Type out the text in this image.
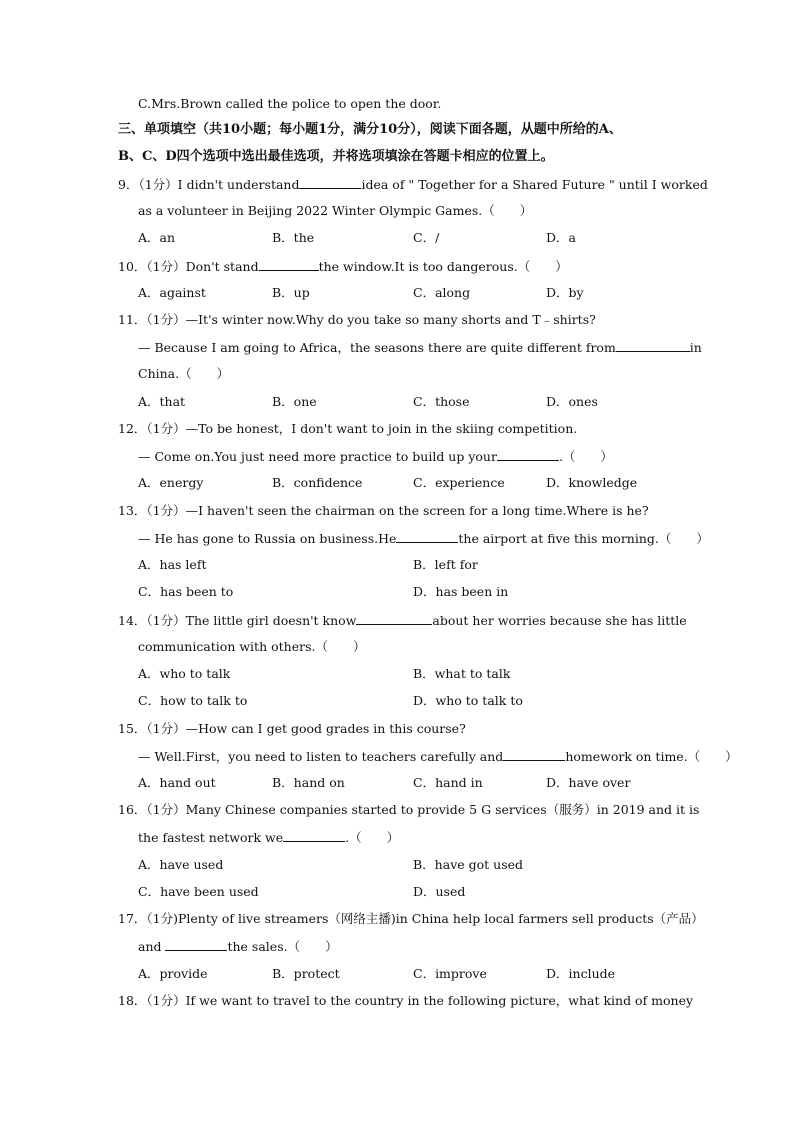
C.Mrs.Brown called the police to open the door.
三、单项填空（共10小题；每小题1分，满分10分），阅读下面各题，从题中所给的A、
B、C、D四个选项中选出最佳选项，并将选项填涂在答题卡相应的位置上。
9．（1分）I didn't understand	idea of " Together for a Shared Future " until I worked
as a volunteer in Beijing 2022 Winter Olympic Games.（　　）
A．an	B．the	C．/	D．a
10．（1分）Don't stand	the window.It is too dangerous.（　　）
A．against	B．up	C．along	D．by
11．（1分）—It's winter now.Why do you take so many shorts and T﹣shirts?
— Because I am going to Africa，the seasons there are quite different from	in
China.（　　）
A．that	B．one	C．those	D．ones
12．（1分）—To be honest，I don't want to join in the skiing competition.
— Come on.You just need more practice to build up your	.（　　）
A．energy	B．confidence	C．experience	D．knowledge
13．（1分）—I haven't seen the chairman on the screen for a long time.Where is he?
— He has gone to Russia on business.He	the airport at five this morning.（　　）
A．has left	B．left for
C．has been to	D．has been in
14．（1分）The little girl doesn't know	about her worries because she has little
communication with others.（　　）
A．who to talk	B．what to talk
C．how to talk to	D．who to talk to
15．（1分）—How can I get good grades in this course?
— Well.First，you need to listen to teachers carefully and	homework on time.（　　）
A．hand out	B．hand on	C．hand in	D．have over
16．（1分）Many Chinese companies started to provide 5 G services（服务）in 2019 and it is
the fastest network we	.（　　）
A．have used	B．have got used
C．have been used	D．used
17．（1分)Plenty of live streamers（网络主播)in China help local farmers sell products（产品）
and	the sales.（　　）
A．provide	B．protect	C．improve	D．include
18．（1分）If we want to travel to the country in the following picture，what kind of money
